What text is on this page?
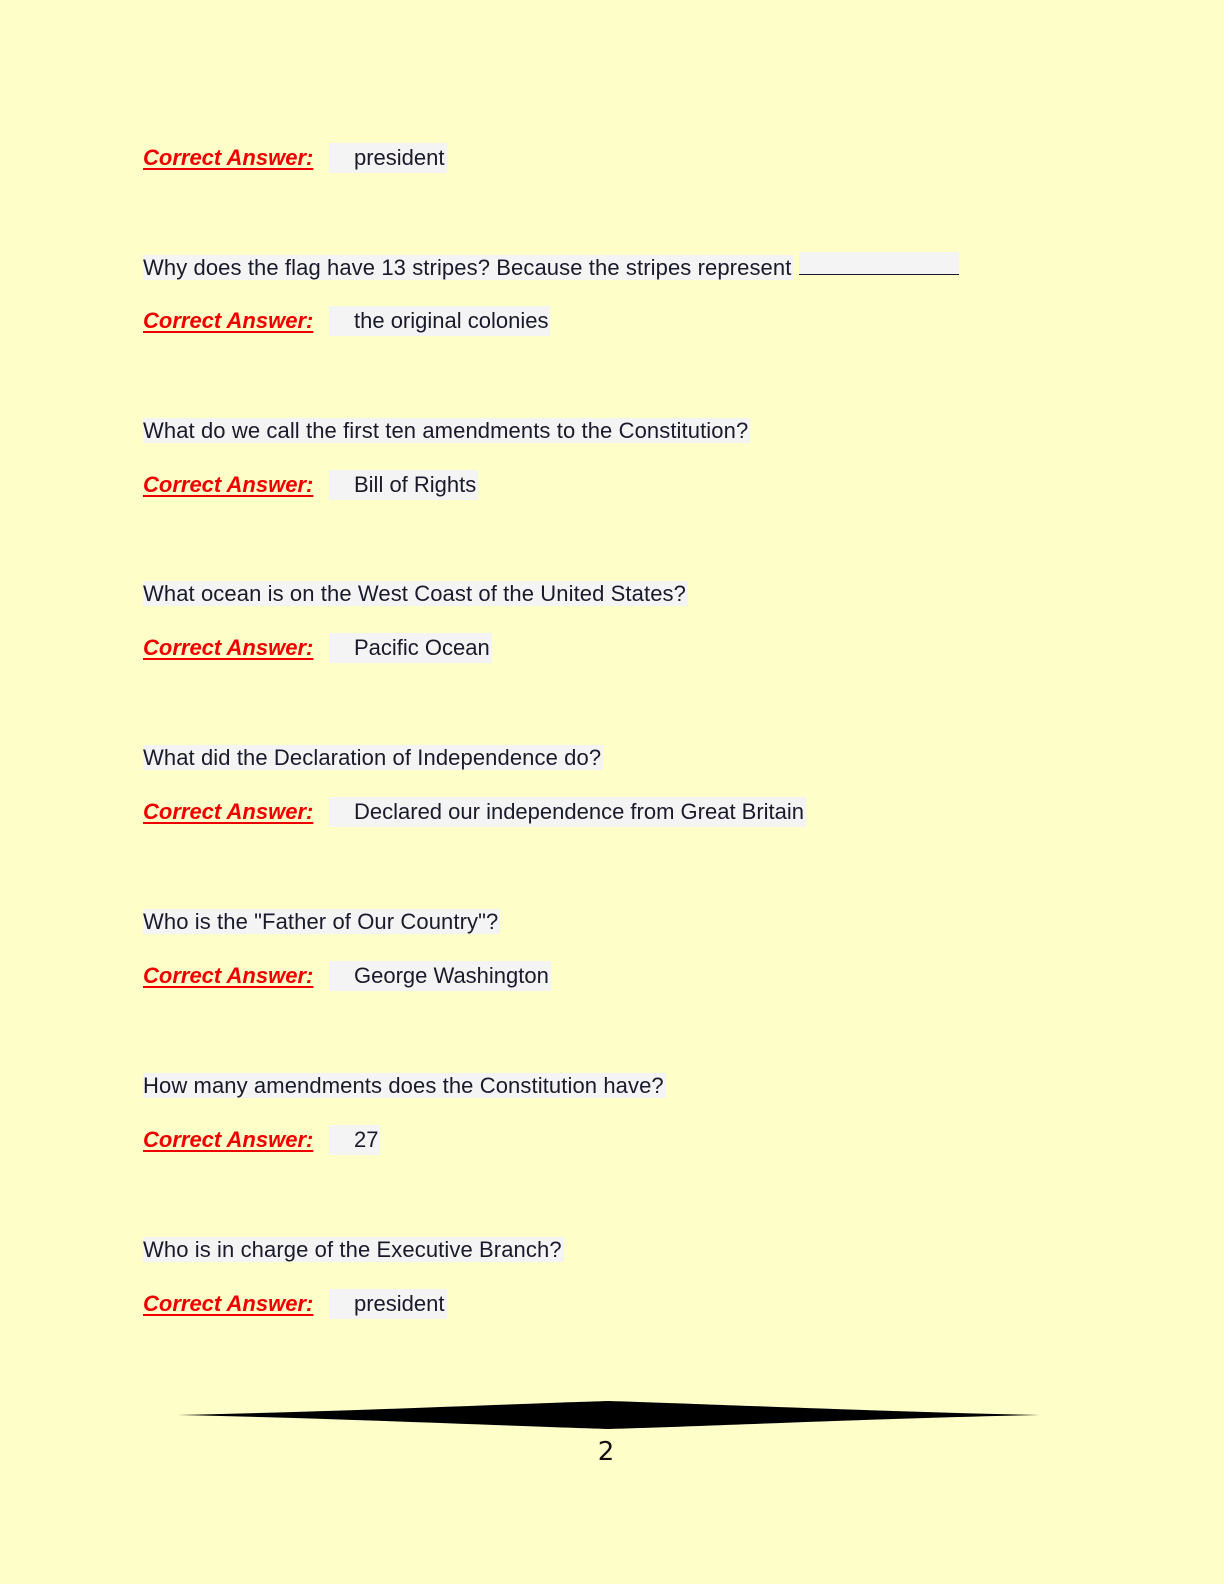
Correct Answer: president
Why does the flag have 13 stripes? Because the stripes represent
Correct Answer: the original colonies
What do we call the first ten amendments to the Constitution?
Correct Answer: Bill of Rights
What ocean is on the West Coast of the United States?
Correct Answer: Pacific Ocean
What did the Declaration of Independence do?
Correct Answer: Declared our independence from Great Britain
Who is the "Father of Our Country"?
Correct Answer: George Washington
How many amendments does the Constitution have?
Correct Answer: 27
Who is in charge of the Executive Branch?
Correct Answer: president
2
